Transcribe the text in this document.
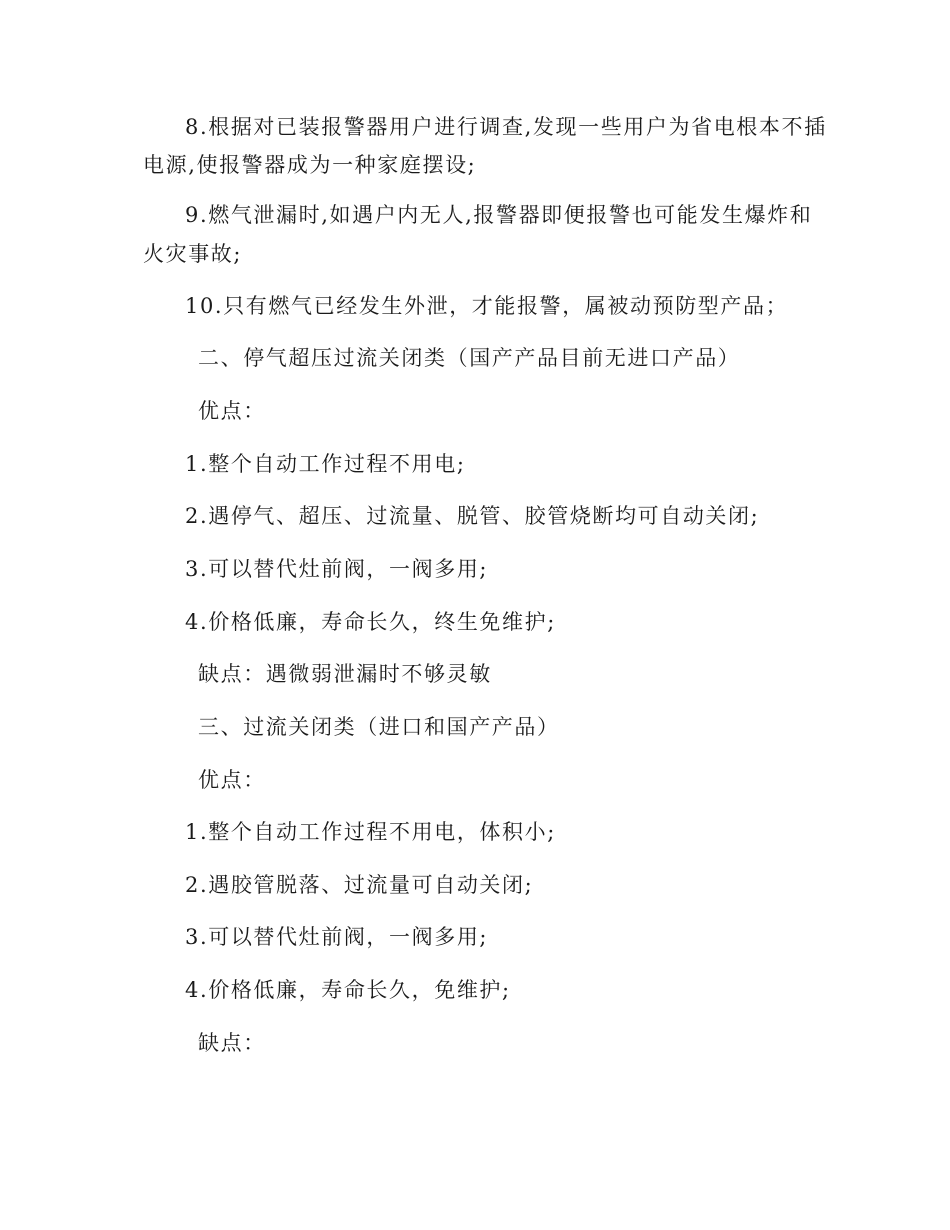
8.根据对已装报警器用户进行调查,发现一些用户为省电根本不插
电源,使报警器成为一种家庭摆设;
9.燃气泄漏时,如遇户内无人,报警器即便报警也可能发生爆炸和
火灾事故;
10.只有燃气已经发生外泄，才能报警，属被动预防型产品；
二、停气超压过流关闭类（国产产品目前无进口产品）
优点：
1.整个自动工作过程不用电;
2.遇停气、超压、过流量、脱管、胶管烧断均可自动关闭;
3.可以替代灶前阀，一阀多用;
4.价格低廉，寿命长久，终生免维护;
缺点：遇微弱泄漏时不够灵敏
三、过流关闭类（进口和国产产品）
优点：
1.整个自动工作过程不用电，体积小;
2.遇胶管脱落、过流量可自动关闭;
3.可以替代灶前阀，一阀多用;
4.价格低廉，寿命长久，免维护;
缺点：
